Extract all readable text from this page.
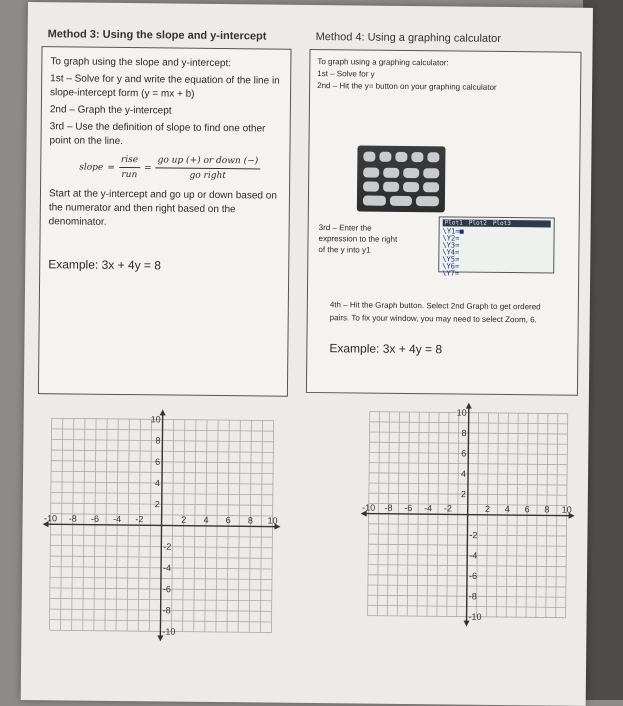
Method 3: Using the slope and y-intercept

To graph using the slope and y-intercept:

1st – Solve for y and write the equation of the line in slope-intercept form (y = mx + b)

2nd – Graph the y-intercept

3rd – Use the definition of slope to find one other point on the line.

slope = $\frac{\text{rise}}{\text{run}} = \frac{\text{go up (+) or down (−)}}{\text{go right}}$

Start at the y-intercept and go up or down based on the numerator and then right based on the denominator.

Example: 3x + 4y = 8
Method 4: Using a graphing calculator
To graph using a graphing calculator:
1st – Solve for y
2nd – Hit the y= button on your graphing calculator
3rd – Enter the expression to the right of the y into y1
Plot1 Plot2 Plot3
\Y1=■
\Y2=
\Y3=
\Y4=
\Y5=
\Y6=
\Y7=
4th – Hit the Graph button. Select 2nd Graph to get ordered pairs. To fix your window, you may need to select Zoom, 6.
Example: 3x + 4y = 8
-10 -8 -6 -4 -2	2 4 6 8 10
10
8
6
4
2
-2
-4
-6
-8
-10
-10 -8 -6 -4 -2	2 4 6 8 10
10
8
6
4
2
-2
-4
-6
-8
-10
